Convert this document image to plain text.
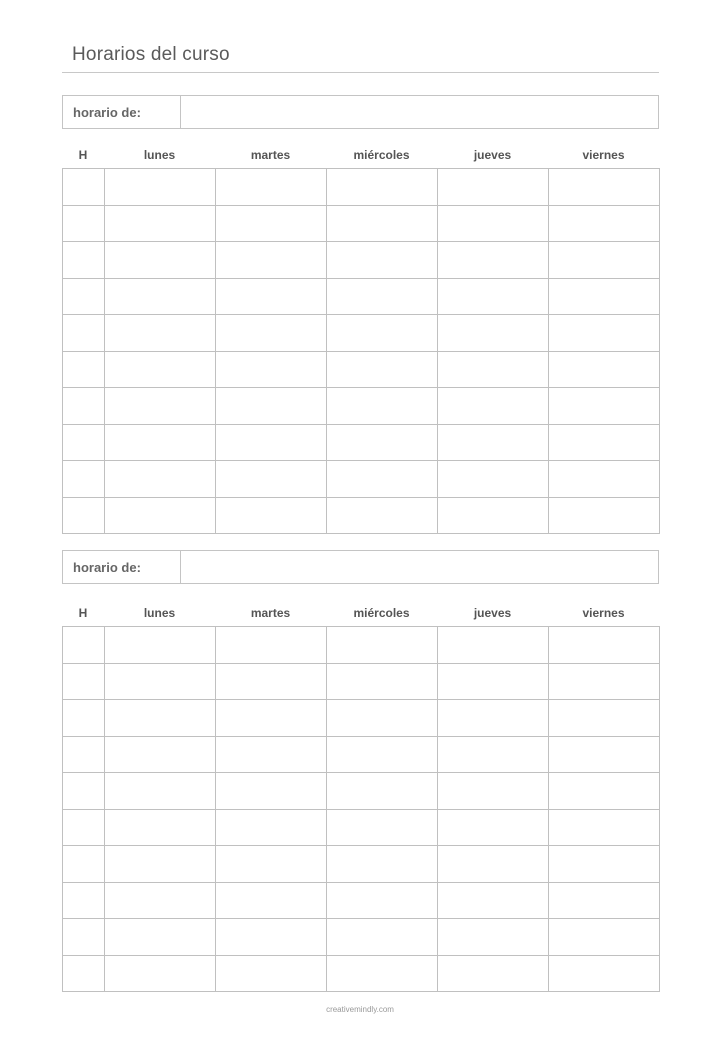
Horarios del curso
horario de:
H	lunes	martes	miércoles	jueves	viernes

horario de:
H	lunes	martes	miércoles	jueves	viernes

creativemindly.com
